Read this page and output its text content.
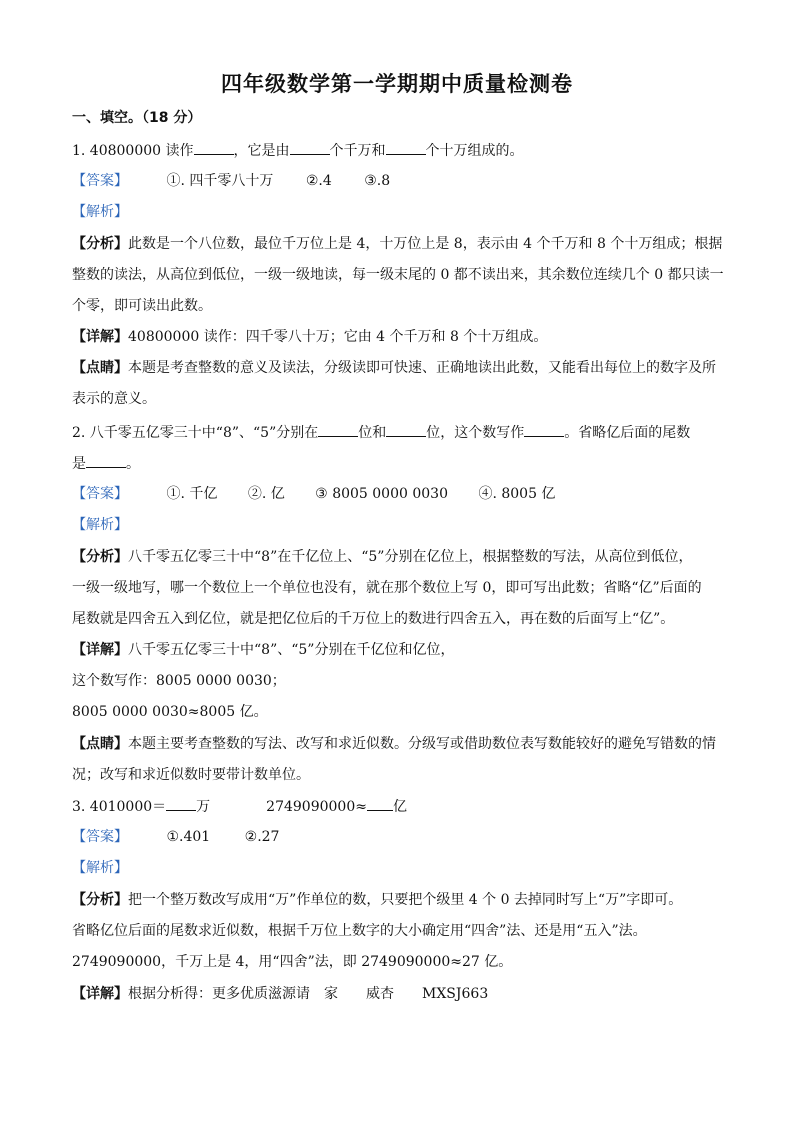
四年级数学第一学期期中质量检测卷
一、填空。（18 分）
1. 40800000 读作	，它是由	个千万和	个十万组成的。
【答案】	①. 四千零八十万 ②.4 ③.8
【解析】
【分析】此数是一个八位数，最位千万位上是 4，十万位上是 8，表示由 4 个千万和 8 个十万组成；根据
整数的读法，从高位到低位，一级一级地读，每一级末尾的 0 都不读出来，其余数位连续几个 0 都只读一
个零，即可读出此数。
【详解】40800000 读作：四千零八十万；它由 4 个千万和 8 个十万组成。
【点睛】本题是考查整数的意义及读法，分级读即可快速、正确地读出此数，又能看出每位上的数字及所
表示的意义。
2. 八千零五亿零三十中“8”、“5”分别在	位和	位，这个数写作	。省略亿后面的尾数
是	。
【答案】	①. 千亿 ②. 亿 ③ 8005 0000 0030 ④. 8005 亿
【解析】
【分析】八千零五亿零三十中“8”在千亿位上、“5”分别在亿位上，根据整数的写法，从高位到低位，
一级一级地写，哪一个数位上一个单位也没有，就在那个数位上写 0，即可写出此数；省略“亿”后面的
尾数就是四舍五入到亿位，就是把亿位后的千万位上的数进行四舍五入，再在数的后面写上“亿”。
【详解】八千零五亿零三十中“8”、“5”分别在千亿位和亿位，
这个数写作：8005 0000 0030；
8005 0000 0030≈8005 亿。
【点睛】本题主要考查整数的写法、改写和求近似数。分级写或借助数位表写数能较好的避免写错数的情
况；改写和求近似数时要带计数单位。
3. 4010000＝ 万	2749090000≈ 亿
【答案】	①.401 ②.27
【解析】
【分析】把一个整万数改写成用“万”作单位的数，只要把个级里 4 个 0 去掉同时写上“万”字即可。
省略亿位后面的尾数求近似数，根据千万位上数字的大小确定用“四舍”法、还是用“五入”法。
2749090000，千万上是 4，用“四舍”法，即 2749090000≈27 亿。
【详解】根据分析得：更多优质滋源请　家　　威杏　　MXSJ663
